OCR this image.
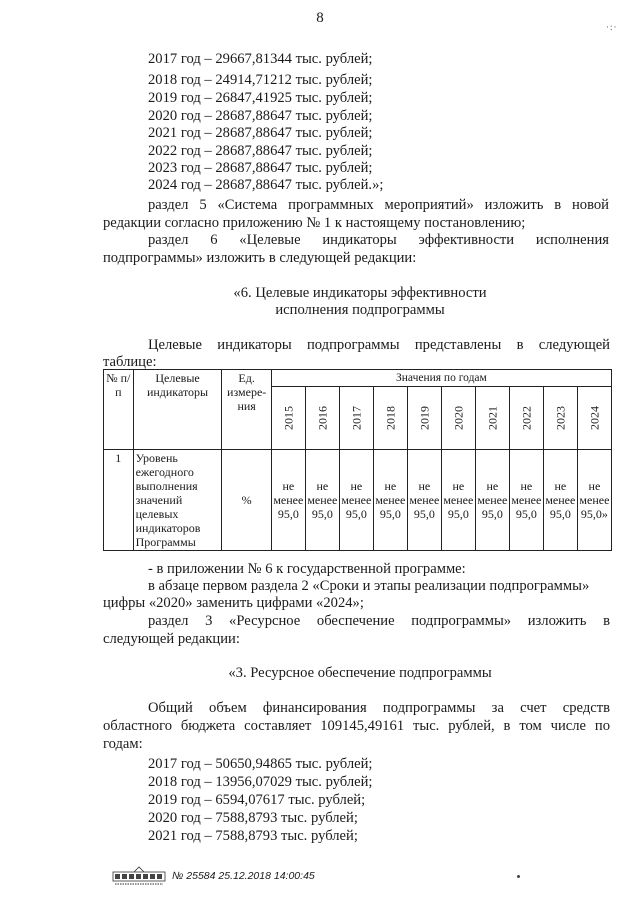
8
·:·
2017 год – 29667,81344 тыс. рублей;
2018 год – 24914,71212 тыс. рублей;
2019 год – 26847,41925 тыс. рублей;
2020 год – 28687,88647 тыс. рублей;
2021 год – 28687,88647 тыс. рублей;
2022 год – 28687,88647 тыс. рублей;
2023 год – 28687,88647 тыс. рублей;
2024 год – 28687,88647 тыс. рублей.»;
раздел 5 «Система программных мероприятий» изложить в новой
редакции согласно приложению № 1 к настоящему постановлению;
раздел 6 «Целевые индикаторы эффективности исполнения
подпрограммы» изложить в следующей редакции:
«6. Целевые индикаторы эффективности
исполнения подпрограммы
Целевые индикаторы подпрограммы представлены в следующей
таблице:
№ п/п	Целевые индикаторы	Ед. измере-ния	Значения по годам									

			2015	2016	2017	2018	2019	2020	2021	2022	2023	2024

1	Уровень ежегодного выполнения значений целевых индикаторов Программы	%	не менее 95,0	не менее 95,0	не менее 95,0	не менее 95,0	не менее 95,0	не менее 95,0	не менее 95,0	не менее 95,0	не менее 95,0	не менее 95,0»
- в приложении № 6 к государственной программе:
в абзаце первом раздела 2 «Сроки и этапы реализации подпрограммы»
цифры «2020» заменить цифрами «2024»;
раздел 3 «Ресурсное обеспечение подпрограммы» изложить в
следующей редакции:
«3. Ресурсное обеспечение подпрограммы
Общий объем финансирования подпрограммы за счет средств
областного бюджета составляет 109145,49161 тыс. рублей, в том числе по
годам:
2017 год – 50650,94865 тыс. рублей;
2018 год – 13956,07029 тыс. рублей;
2019 год – 6594,07617 тыс. рублей;
2020 год – 7588,8793 тыс. рублей;
2021 год – 7588,8793 тыс. рублей;
№ 25584 25.12.2018 14:00:45
